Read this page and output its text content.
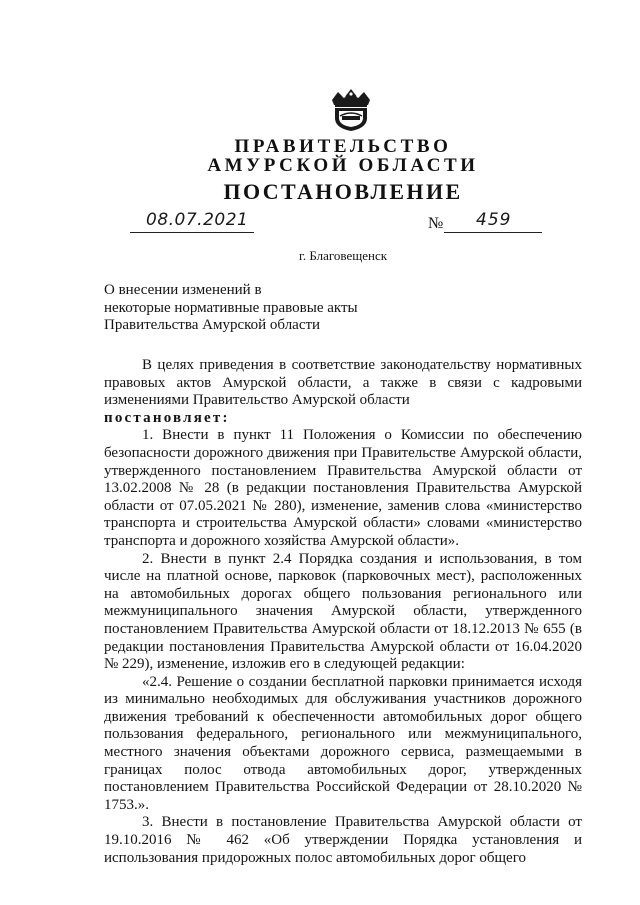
ПРАВИТЕЛЬСТВО
АМУРСКОЙ ОБЛАСТИ
ПОСТАНОВЛЕНИЕ
08.07.2021	№ 459
г. Благовещенск
О внесении изменений в
некоторые нормативные правовые акты
Правительства Амурской области

В целях приведения в соответствие законодательству нормативных правовых актов Амурской области, а также в связи с кадровыми изменениями Правительство Амурской области

постановляет:

1. Внести в пункт 11 Положения о Комиссии по обеспечению безопасности дорожного движения при Правительстве Амурской области, утвержденного постановлением Правительства Амурской области от 13.02.2008 № 28 (в редакции постановления Правительства Амурской области от 07.05.2021 № 280), изменение, заменив слова «министерство транспорта и строительства Амурской области» словами «министерство транспорта и дорожного хозяйства Амурской области».

2. Внести в пункт 2.4 Порядка создания и использования, в том числе на платной основе, парковок (парковочных мест), расположенных на автомобильных дорогах общего пользования регионального или межмуниципального значения Амурской области, утвержденного постановлением Правительства Амурской области от 18.12.2013 № 655 (в редакции постановления Правительства Амурской области от 16.04.2020 № 229), изменение, изложив его в следующей редакции:

«2.4. Решение о создании бесплатной парковки принимается исходя из минимально необходимых для обслуживания участников дорожного движения требований к обеспеченности автомобильных дорог общего пользования федерального, регионального или межмуниципального, местного значения объектами дорожного сервиса, размещаемыми в границах полос отвода автомобильных дорог, утвержденных постановлением Правительства Российской Федерации от 28.10.2020 № 1753.».

3. Внести в постановление Правительства Амурской области от 19.10.2016 № 462 «Об утверждении Порядка установления и использования придорожных полос автомобильных дорог общего
